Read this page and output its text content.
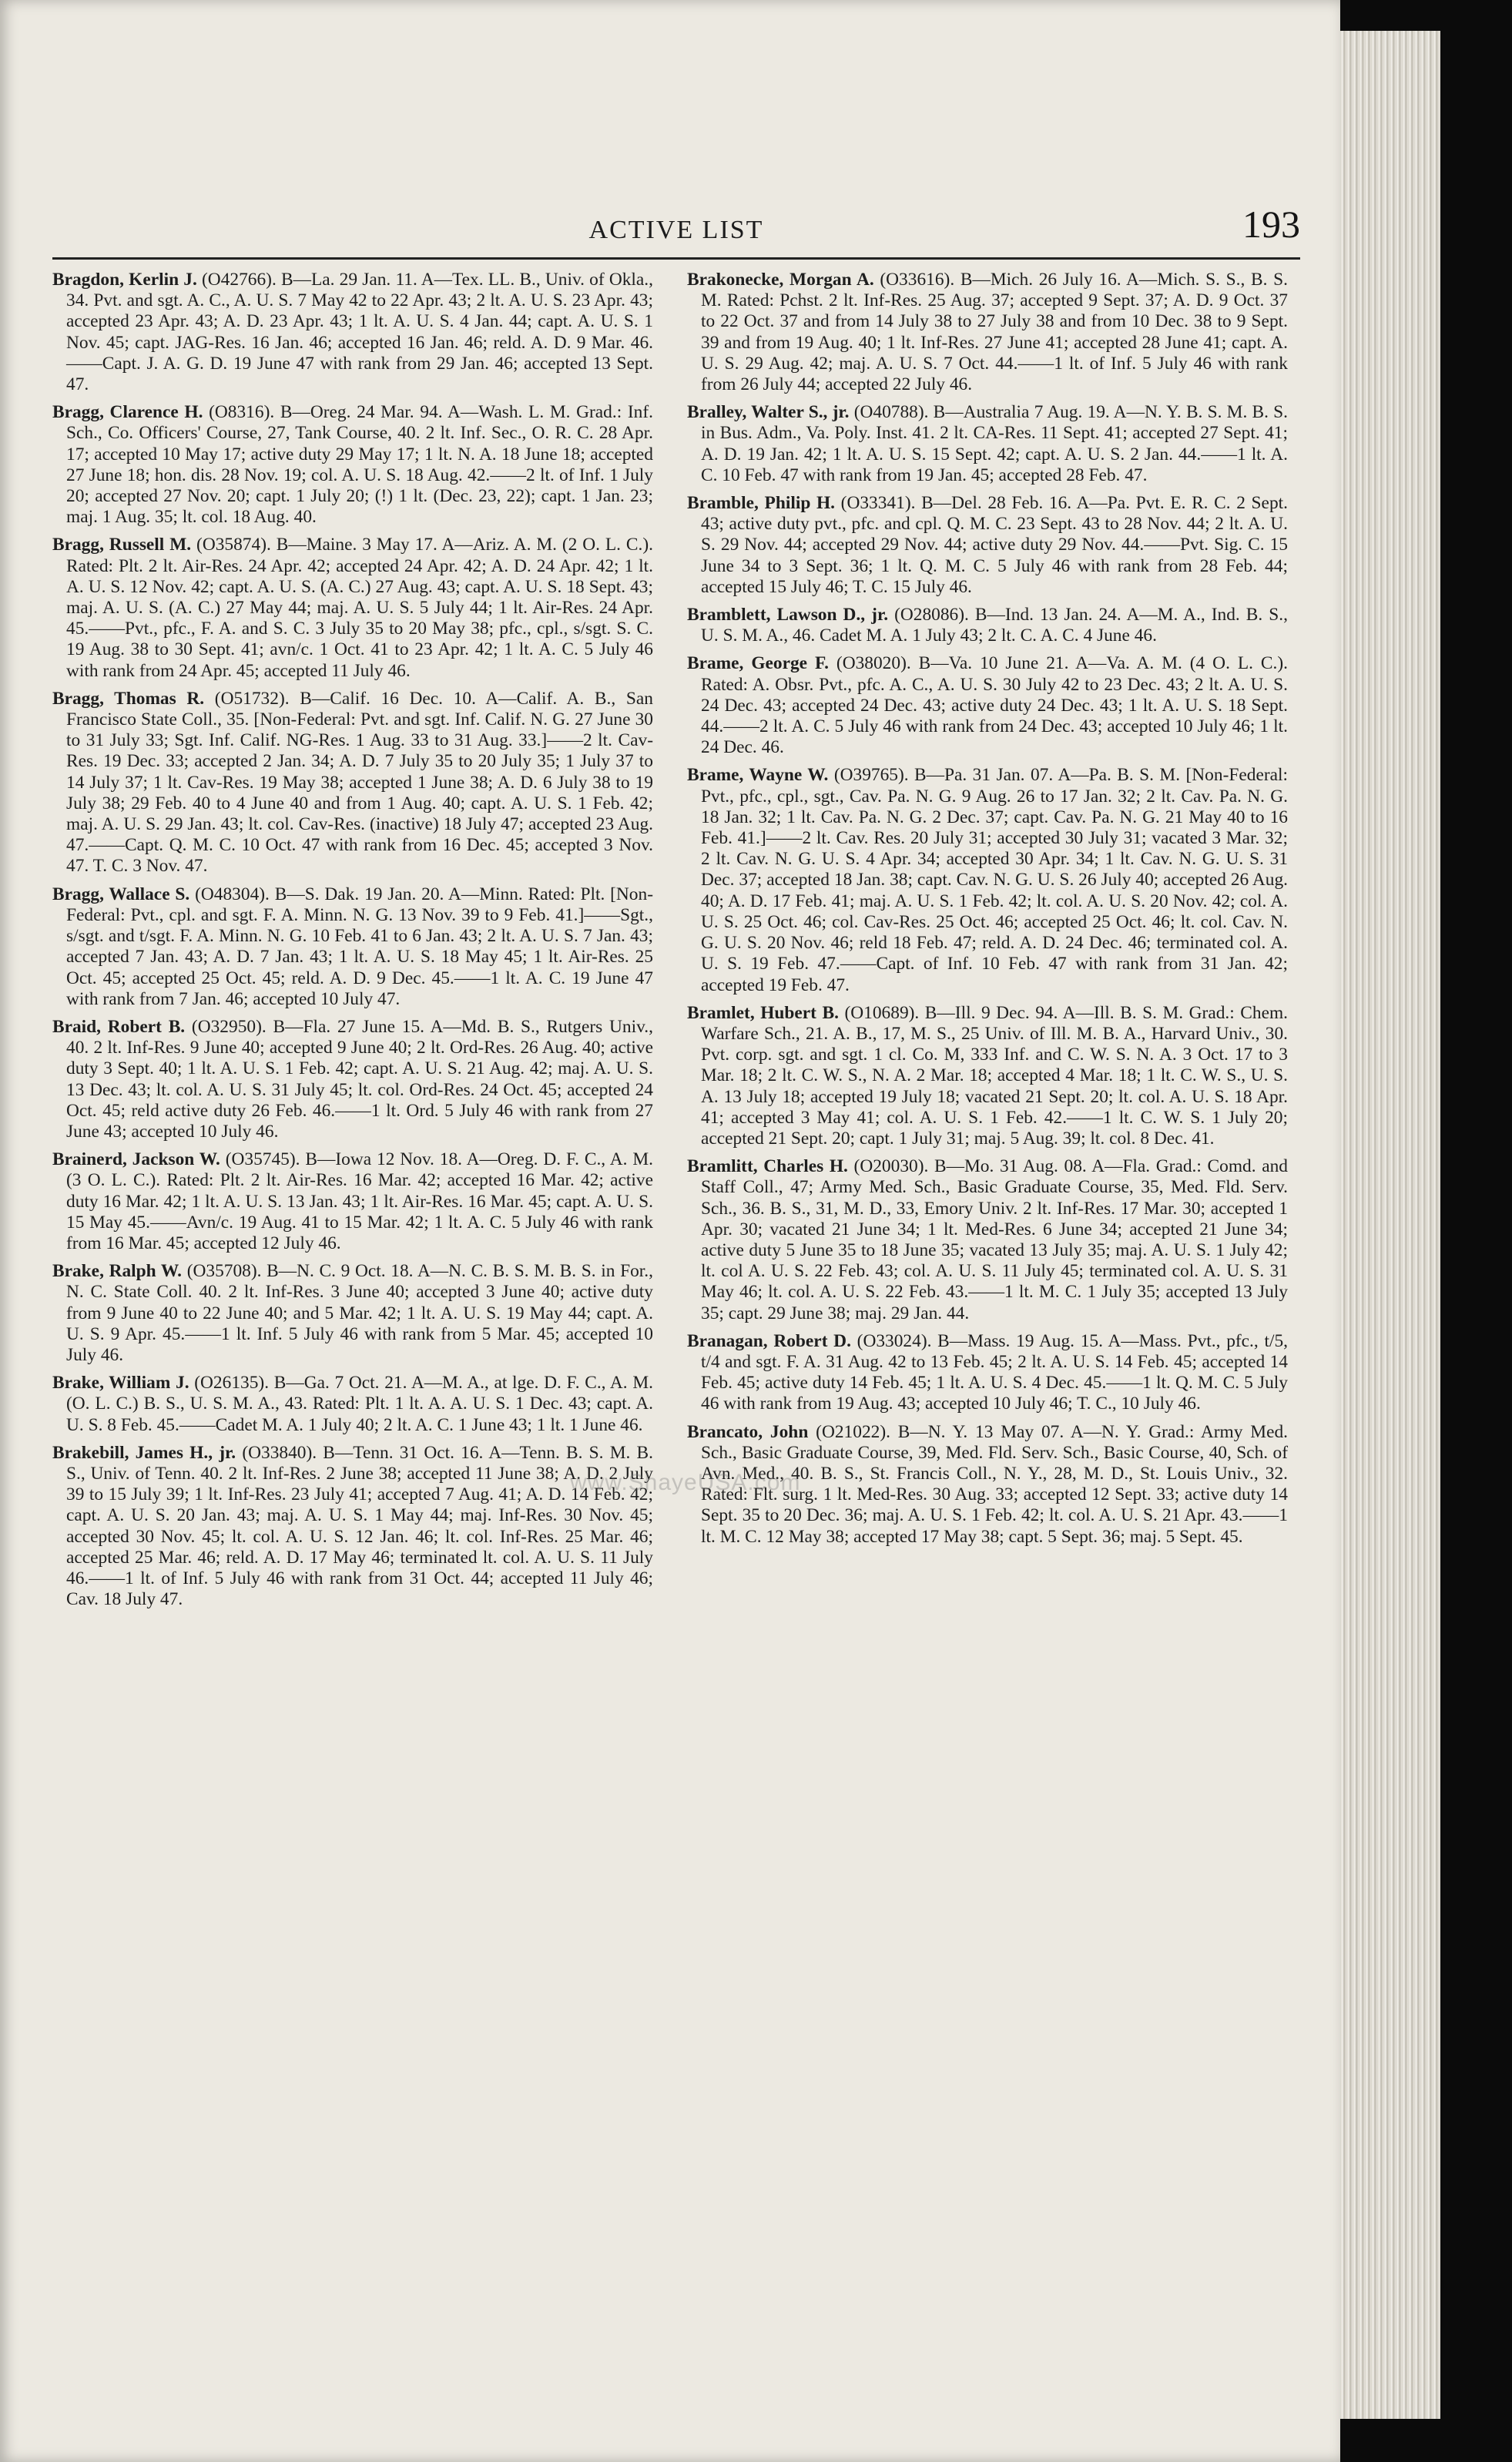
ACTIVE LIST	193

Bragdon, Kerlin J. (O42766). B—La. 29 Jan. 11. A—Tex. LL. B., Univ. of Okla., 34. Pvt. and sgt. A. C., A. U. S. 7 May 42 to 22 Apr. 43; 2 lt. A. U. S. 23 Apr. 43; accepted 23 Apr. 43; A. D. 23 Apr. 43; 1 lt. A. U. S. 4 Jan. 44; capt. A. U. S. 1 Nov. 45; capt. JAG-Res. 16 Jan. 46; accepted 16 Jan. 46; reld. A. D. 9 Mar. 46.——Capt. J. A. G. D. 19 June 47 with rank from 29 Jan. 46; accepted 13 Sept. 47.

Bragg, Clarence H. (O8316). B—Oreg. 24 Mar. 94. A—Wash. L. M. Grad.: Inf. Sch., Co. Officers' Course, 27, Tank Course, 40. 2 lt. Inf. Sec., O. R. C. 28 Apr. 17; accepted 10 May 17; active duty 29 May 17; 1 lt. N. A. 18 June 18; accepted 27 June 18; hon. dis. 28 Nov. 19; col. A. U. S. 18 Aug. 42.——2 lt. of Inf. 1 July 20; accepted 27 Nov. 20; capt. 1 July 20; (!) 1 lt. (Dec. 23, 22); capt. 1 Jan. 23; maj. 1 Aug. 35; lt. col. 18 Aug. 40.

Bragg, Russell M. (O35874). B—Maine. 3 May 17. A—Ariz. A. M. (2 O. L. C.). Rated: Plt. 2 lt. Air-Res. 24 Apr. 42; accepted 24 Apr. 42; A. D. 24 Apr. 42; 1 lt. A. U. S. 12 Nov. 42; capt. A. U. S. (A. C.) 27 Aug. 43; capt. A. U. S. 18 Sept. 43; maj. A. U. S. (A. C.) 27 May 44; maj. A. U. S. 5 July 44; 1 lt. Air-Res. 24 Apr. 45.——Pvt., pfc., F. A. and S. C. 3 July 35 to 20 May 38; pfc., cpl., s/sgt. S. C. 19 Aug. 38 to 30 Sept. 41; avn/c. 1 Oct. 41 to 23 Apr. 42; 1 lt. A. C. 5 July 46 with rank from 24 Apr. 45; accepted 11 July 46.

Bragg, Thomas R. (O51732). B—Calif. 16 Dec. 10. A—Calif. A. B., San Francisco State Coll., 35. [Non-Federal: Pvt. and sgt. Inf. Calif. N. G. 27 June 30 to 31 July 33; Sgt. Inf. Calif. NG-Res. 1 Aug. 33 to 31 Aug. 33.]——2 lt. Cav-Res. 19 Dec. 33; accepted 2 Jan. 34; A. D. 7 July 35 to 20 July 35; 1 July 37 to 14 July 37; 1 lt. Cav-Res. 19 May 38; accepted 1 June 38; A. D. 6 July 38 to 19 July 38; 29 Feb. 40 to 4 June 40 and from 1 Aug. 40; capt. A. U. S. 1 Feb. 42; maj. A. U. S. 29 Jan. 43; lt. col. Cav-Res. (inactive) 18 July 47; accepted 23 Aug. 47.——Capt. Q. M. C. 10 Oct. 47 with rank from 16 Dec. 45; accepted 3 Nov. 47. T. C. 3 Nov. 47.

Bragg, Wallace S. (O48304). B—S. Dak. 19 Jan. 20. A—Minn. Rated: Plt. [Non-Federal: Pvt., cpl. and sgt. F. A. Minn. N. G. 13 Nov. 39 to 9 Feb. 41.]——Sgt., s/sgt. and t/sgt. F. A. Minn. N. G. 10 Feb. 41 to 6 Jan. 43; 2 lt. A. U. S. 7 Jan. 43; accepted 7 Jan. 43; A. D. 7 Jan. 43; 1 lt. A. U. S. 18 May 45; 1 lt. Air-Res. 25 Oct. 45; accepted 25 Oct. 45; reld. A. D. 9 Dec. 45.——1 lt. A. C. 19 June 47 with rank from 7 Jan. 46; accepted 10 July 47.

Braid, Robert B. (O32950). B—Fla. 27 June 15. A—Md. B. S., Rutgers Univ., 40. 2 lt. Inf-Res. 9 June 40; accepted 9 June 40; 2 lt. Ord-Res. 26 Aug. 40; active duty 3 Sept. 40; 1 lt. A. U. S. 1 Feb. 42; capt. A. U. S. 21 Aug. 42; maj. A. U. S. 13 Dec. 43; lt. col. A. U. S. 31 July 45; lt. col. Ord-Res. 24 Oct. 45; accepted 24 Oct. 45; reld active duty 26 Feb. 46.——1 lt. Ord. 5 July 46 with rank from 27 June 43; accepted 10 July 46.

Brainerd, Jackson W. (O35745). B—Iowa 12 Nov. 18. A—Oreg. D. F. C., A. M. (3 O. L. C.). Rated: Plt. 2 lt. Air-Res. 16 Mar. 42; accepted 16 Mar. 42; active duty 16 Mar. 42; 1 lt. A. U. S. 13 Jan. 43; 1 lt. Air-Res. 16 Mar. 45; capt. A. U. S. 15 May 45.——Avn/c. 19 Aug. 41 to 15 Mar. 42; 1 lt. A. C. 5 July 46 with rank from 16 Mar. 45; accepted 12 July 46.

Brake, Ralph W. (O35708). B—N. C. 9 Oct. 18. A—N. C. B. S. M. B. S. in For., N. C. State Coll. 40. 2 lt. Inf-Res. 3 June 40; accepted 3 June 40; active duty from 9 June 40 to 22 June 40; and 5 Mar. 42; 1 lt. A. U. S. 19 May 44; capt. A. U. S. 9 Apr. 45.——1 lt. Inf. 5 July 46 with rank from 5 Mar. 45; accepted 10 July 46.

Brake, William J. (O26135). B—Ga. 7 Oct. 21. A—M. A., at lge. D. F. C., A. M. (O. L. C.) B. S., U. S. M. A., 43. Rated: Plt. 1 lt. A. A. U. S. 1 Dec. 43; capt. A. U. S. 8 Feb. 45.——Cadet M. A. 1 July 40; 2 lt. A. C. 1 June 43; 1 lt. 1 June 46.

Brakebill, James H., jr. (O33840). B—Tenn. 31 Oct. 16. A—Tenn. B. S. M. B. S., Univ. of Tenn. 40. 2 lt. Inf-Res. 2 June 38; accepted 11 June 38; A. D. 2 July 39 to 15 July 39; 1 lt. Inf-Res. 23 July 41; accepted 7 Aug. 41; A. D. 14 Feb. 42; capt. A. U. S. 20 Jan. 43; maj. A. U. S. 1 May 44; maj. Inf-Res. 30 Nov. 45; accepted 30 Nov. 45; lt. col. A. U. S. 12 Jan. 46; lt. col. Inf-Res. 25 Mar. 46; accepted 25 Mar. 46; reld. A. D. 17 May 46; terminated lt. col. A. U. S. 11 July 46.——1 lt. of Inf. 5 July 46 with rank from 31 Oct. 44; accepted 11 July 46; Cav. 18 July 47.

Brakonecke, Morgan A. (O33616). B—Mich. 26 July 16. A—Mich. S. S., B. S. M. Rated: Pchst. 2 lt. Inf-Res. 25 Aug. 37; accepted 9 Sept. 37; A. D. 9 Oct. 37 to 22 Oct. 37 and from 14 July 38 to 27 July 38 and from 10 Dec. 38 to 9 Sept. 39 and from 19 Aug. 40; 1 lt. Inf-Res. 27 June 41; accepted 28 June 41; capt. A. U. S. 29 Aug. 42; maj. A. U. S. 7 Oct. 44.——1 lt. of Inf. 5 July 46 with rank from 26 July 44; accepted 22 July 46.

Bralley, Walter S., jr. (O40788). B—Australia 7 Aug. 19. A—N. Y. B. S. M. B. S. in Bus. Adm., Va. Poly. Inst. 41. 2 lt. CA-Res. 11 Sept. 41; accepted 27 Sept. 41; A. D. 19 Jan. 42; 1 lt. A. U. S. 15 Sept. 42; capt. A. U. S. 2 Jan. 44.——1 lt. A. C. 10 Feb. 47 with rank from 19 Jan. 45; accepted 28 Feb. 47.

Bramble, Philip H. (O33341). B—Del. 28 Feb. 16. A—Pa. Pvt. E. R. C. 2 Sept. 43; active duty pvt., pfc. and cpl. Q. M. C. 23 Sept. 43 to 28 Nov. 44; 2 lt. A. U. S. 29 Nov. 44; accepted 29 Nov. 44; active duty 29 Nov. 44.——Pvt. Sig. C. 15 June 34 to 3 Sept. 36; 1 lt. Q. M. C. 5 July 46 with rank from 28 Feb. 44; accepted 15 July 46; T. C. 15 July 46.

Bramblett, Lawson D., jr. (O28086). B—Ind. 13 Jan. 24. A—M. A., Ind. B. S., U. S. M. A., 46. Cadet M. A. 1 July 43; 2 lt. C. A. C. 4 June 46.

Brame, George F. (O38020). B—Va. 10 June 21. A—Va. A. M. (4 O. L. C.). Rated: A. Obsr. Pvt., pfc. A. C., A. U. S. 30 July 42 to 23 Dec. 43; 2 lt. A. U. S. 24 Dec. 43; accepted 24 Dec. 43; active duty 24 Dec. 43; 1 lt. A. U. S. 18 Sept. 44.——2 lt. A. C. 5 July 46 with rank from 24 Dec. 43; accepted 10 July 46; 1 lt. 24 Dec. 46.

Brame, Wayne W. (O39765). B—Pa. 31 Jan. 07. A—Pa. B. S. M. [Non-Federal: Pvt., pfc., cpl., sgt., Cav. Pa. N. G. 9 Aug. 26 to 17 Jan. 32; 2 lt. Cav. Pa. N. G. 18 Jan. 32; 1 lt. Cav. Pa. N. G. 2 Dec. 37; capt. Cav. Pa. N. G. 21 May 40 to 16 Feb. 41.]——2 lt. Cav. Res. 20 July 31; accepted 30 July 31; vacated 3 Mar. 32; 2 lt. Cav. N. G. U. S. 4 Apr. 34; accepted 30 Apr. 34; 1 lt. Cav. N. G. U. S. 31 Dec. 37; accepted 18 Jan. 38; capt. Cav. N. G. U. S. 26 July 40; accepted 26 Aug. 40; A. D. 17 Feb. 41; maj. A. U. S. 1 Feb. 42; lt. col. A. U. S. 20 Nov. 42; col. A. U. S. 25 Oct. 46; col. Cav-Res. 25 Oct. 46; accepted 25 Oct. 46; lt. col. Cav. N. G. U. S. 20 Nov. 46; reld 18 Feb. 47; reld. A. D. 24 Dec. 46; terminated col. A. U. S. 19 Feb. 47.——Capt. of Inf. 10 Feb. 47 with rank from 31 Jan. 42; accepted 19 Feb. 47.

Bramlet, Hubert B. (O10689). B—Ill. 9 Dec. 94. A—Ill. B. S. M. Grad.: Chem. Warfare Sch., 21. A. B., 17, M. S., 25 Univ. of Ill. M. B. A., Harvard Univ., 30. Pvt. corp. sgt. and sgt. 1 cl. Co. M, 333 Inf. and C. W. S. N. A. 3 Oct. 17 to 3 Mar. 18; 2 lt. C. W. S., N. A. 2 Mar. 18; accepted 4 Mar. 18; 1 lt. C. W. S., U. S. A. 13 July 18; accepted 19 July 18; vacated 21 Sept. 20; lt. col. A. U. S. 18 Apr. 41; accepted 3 May 41; col. A. U. S. 1 Feb. 42.——1 lt. C. W. S. 1 July 20; accepted 21 Sept. 20; capt. 1 July 31; maj. 5 Aug. 39; lt. col. 8 Dec. 41.

Bramlitt, Charles H. (O20030). B—Mo. 31 Aug. 08. A—Fla. Grad.: Comd. and Staff Coll., 47; Army Med. Sch., Basic Graduate Course, 35, Med. Fld. Serv. Sch., 36. B. S., 31, M. D., 33, Emory Univ. 2 lt. Inf-Res. 17 Mar. 30; accepted 1 Apr. 30; vacated 21 June 34; 1 lt. Med-Res. 6 June 34; accepted 21 June 34; active duty 5 June 35 to 18 June 35; vacated 13 July 35; maj. A. U. S. 1 July 42; lt. col A. U. S. 22 Feb. 43; col. A. U. S. 11 July 45; terminated col. A. U. S. 31 May 46; lt. col. A. U. S. 22 Feb. 43.——1 lt. M. C. 1 July 35; accepted 13 July 35; capt. 29 June 38; maj. 29 Jan. 44.

Branagan, Robert D. (O33024). B—Mass. 19 Aug. 15. A—Mass. Pvt., pfc., t/5, t/4 and sgt. F. A. 31 Aug. 42 to 13 Feb. 45; 2 lt. A. U. S. 14 Feb. 45; accepted 14 Feb. 45; active duty 14 Feb. 45; 1 lt. A. U. S. 4 Dec. 45.——1 lt. Q. M. C. 5 July 46 with rank from 19 Aug. 43; accepted 10 July 46; T. C., 10 July 46.

Brancato, John (O21022). B—N. Y. 13 May 07. A—N. Y. Grad.: Army Med. Sch., Basic Graduate Course, 39, Med. Fld. Serv. Sch., Basic Course, 40, Sch. of Avn. Med., 40. B. S., St. Francis Coll., N. Y., 28, M. D., St. Louis Univ., 32. Rated: Flt. surg. 1 lt. Med-Res. 30 Aug. 33; accepted 12 Sept. 33; active duty 14 Sept. 35 to 20 Dec. 36; maj. A. U. S. 1 Feb. 42; lt. col. A. U. S. 21 Apr. 43.——1 lt. M. C. 12 May 38; accepted 17 May 38; capt. 5 Sept. 36; maj. 5 Sept. 45.

www.ShayeUSA.com
